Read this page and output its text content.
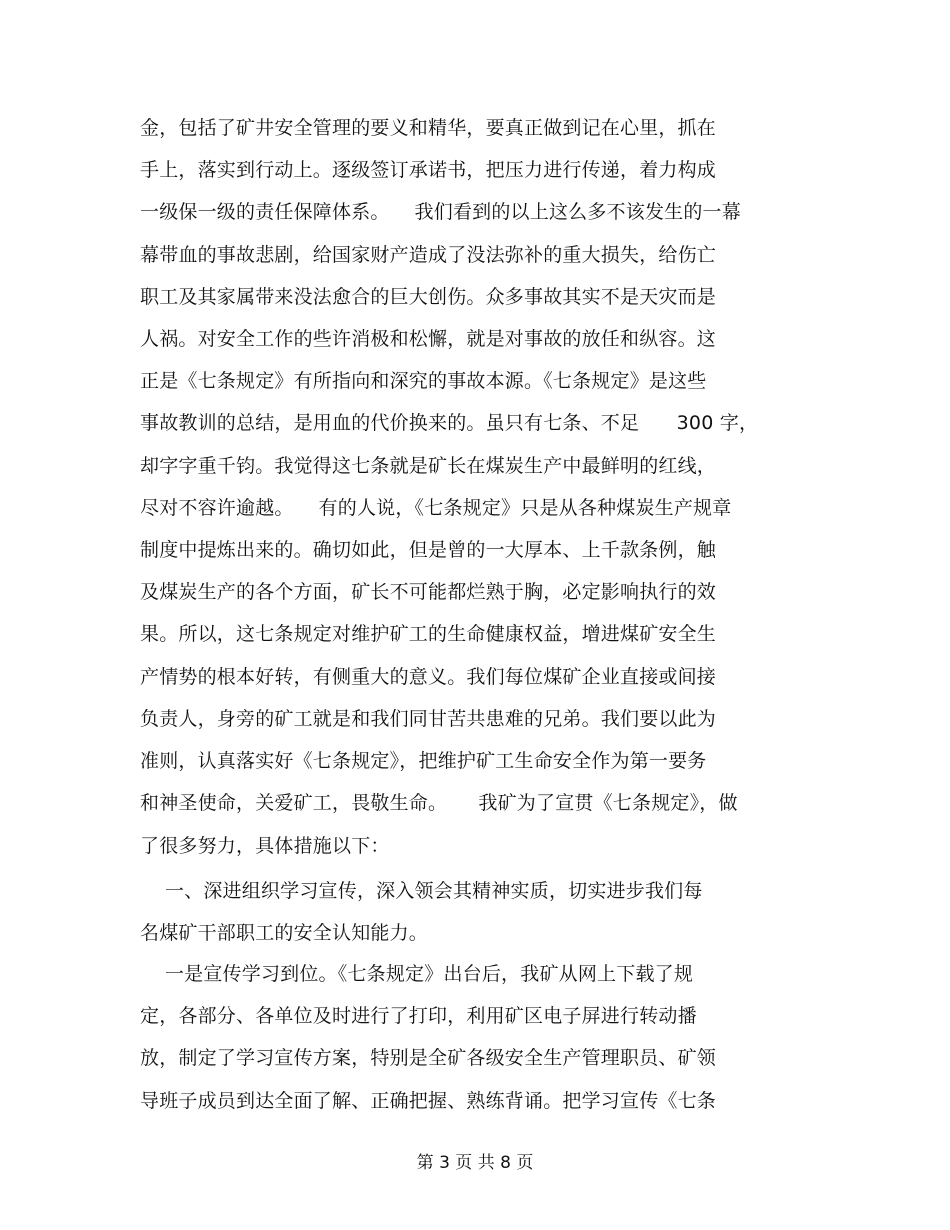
金，包括了矿井安全管理的要义和精华，要真正做到记在心里，抓在
手上，落实到行动上。逐级签订承诺书，把压力进行传递，着力构成
一级保一级的责任保障体系。    我们看到的以上这么多不该发生的一幕
幕带血的事故悲剧，给国家财产造成了没法弥补的重大损失，给伤亡
职工及其家属带来没法愈合的巨大创伤。众多事故其实不是天灾而是
人祸。对安全工作的些许消极和松懈，就是对事故的放任和纵容。这
正是《七条规定》有所指向和深究的事故本源。《七条规定》是这些
事故教训的总结，是用血的代价换来的。虽只有七条、不足      300 字，
却字字重千钧。我觉得这七条就是矿长在煤炭生产中最鲜明的红线，
尽对不容许逾越。    有的人说，《七条规定》只是从各种煤炭生产规章
制度中提炼出来的。确切如此，但是曾的一大厚本、上千款条例，触
及煤炭生产的各个方面，矿长不可能都烂熟于胸，必定影响执行的效
果。所以，这七条规定对维护矿工的生命健康权益，增进煤矿安全生
产情势的根本好转，有侧重大的意义。我们每位煤矿企业直接或间接
负责人，身旁的矿工就是和我们同甘苦共患难的兄弟。我们要以此为
准则，认真落实好《七条规定》，把维护矿工生命安全作为第一要务
和神圣使命，关爱矿工，畏敬生命。     我矿为了宣贯《七条规定》，做
了很多努力，具体措施以下：
一、深进组织学习宣传，深入领会其精神实质，切实进步我们每
名煤矿干部职工的安全认知能力。
一是宣传学习到位。《七条规定》出台后，我矿从网上下载了规
定，各部分、各单位及时进行了打印，利用矿区电子屏进行转动播
放，制定了学习宣传方案，特别是全矿各级安全生产管理职员、矿领
导班子成员到达全面了解、正确把握、熟练背诵。把学习宣传《七条
第 3 页 共 8 页
